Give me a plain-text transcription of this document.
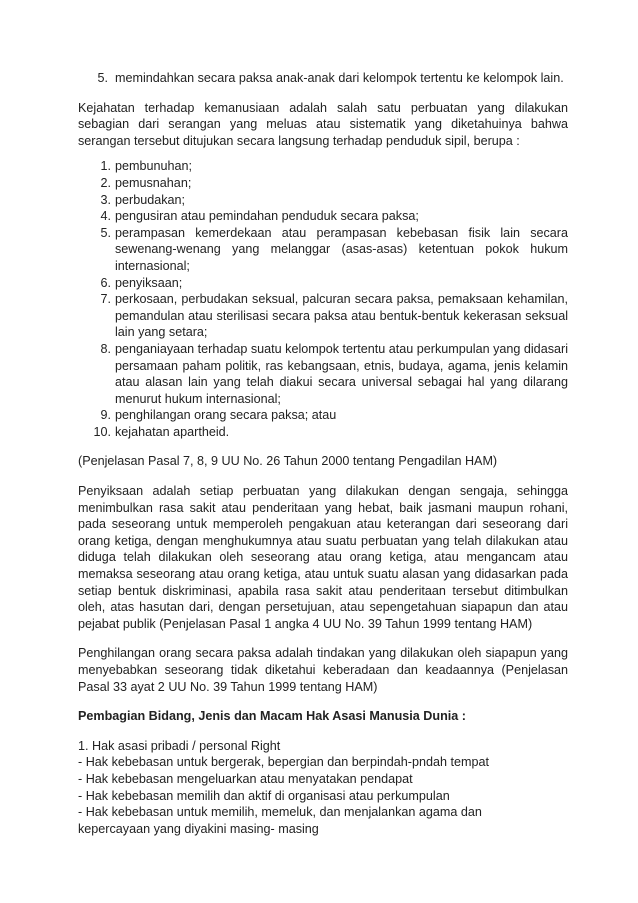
5. memindahkan secara paksa anak-anak dari kelompok tertentu ke kelompok lain.

Kejahatan terhadap kemanusiaan adalah salah satu perbuatan yang dilakukan sebagian dari serangan yang meluas atau sistematik yang diketahuinya bahwa serangan tersebut ditujukan secara langsung terhadap penduduk sipil, berupa :

1. pembunuhan;
2. pemusnahan;
3. perbudakan;
4. pengusiran atau pemindahan penduduk secara paksa;
5. perampasan kemerdekaan atau perampasan kebebasan fisik lain secara sewenang-wenang yang melanggar (asas-asas) ketentuan pokok hukum internasional;
6. penyiksaan;
7. perkosaan, perbudakan seksual, palcuran secara paksa, pemaksaan kehamilan, pemandulan atau sterilisasi secara paksa atau bentuk-bentuk kekerasan seksual lain yang setara;
8. penganiayaan terhadap suatu kelompok tertentu atau perkumpulan yang didasari persamaan paham politik, ras kebangsaan, etnis, budaya, agama, jenis kelamin atau alasan lain yang telah diakui secara universal sebagai hal yang dilarang menurut hukum internasional;
9. penghilangan orang secara paksa; atau
10. kejahatan apartheid.

(Penjelasan Pasal 7, 8, 9 UU No. 26 Tahun 2000 tentang Pengadilan HAM)

Penyiksaan adalah setiap perbuatan yang dilakukan dengan sengaja, sehingga menimbulkan rasa sakit atau penderitaan yang hebat, baik jasmani maupun rohani, pada seseorang untuk memperoleh pengakuan atau keterangan dari seseorang dari orang ketiga, dengan menghukumnya atau suatu perbuatan yang telah dilakukan atau diduga telah dilakukan oleh seseorang atau orang ketiga, atau mengancam atau memaksa seseorang atau orang ketiga, atau untuk suatu alasan yang didasarkan pada setiap bentuk diskriminasi, apabila rasa sakit atau penderitaan tersebut ditimbulkan oleh, atas hasutan dari, dengan persetujuan, atau sepengetahuan siapapun dan atau pejabat publik (Penjelasan Pasal 1 angka 4 UU No. 39 Tahun 1999 tentang HAM)

Penghilangan orang secara paksa adalah tindakan yang dilakukan oleh siapapun yang menyebabkan seseorang tidak diketahui keberadaan dan keadaannya (Penjelasan Pasal 33 ayat 2 UU No. 39 Tahun 1999 tentang HAM)

Pembagian Bidang, Jenis dan Macam Hak Asasi Manusia Dunia :

1. Hak asasi pribadi / personal Right
- Hak kebebasan untuk bergerak, bepergian dan berpindah-pndah tempat
- Hak kebebasan mengeluarkan atau menyatakan pendapat
- Hak kebebasan memilih dan aktif di organisasi atau perkumpulan
- Hak kebebasan untuk memilih, memeluk, dan menjalankan agama dan
kepercayaan yang diyakini masing- masing
